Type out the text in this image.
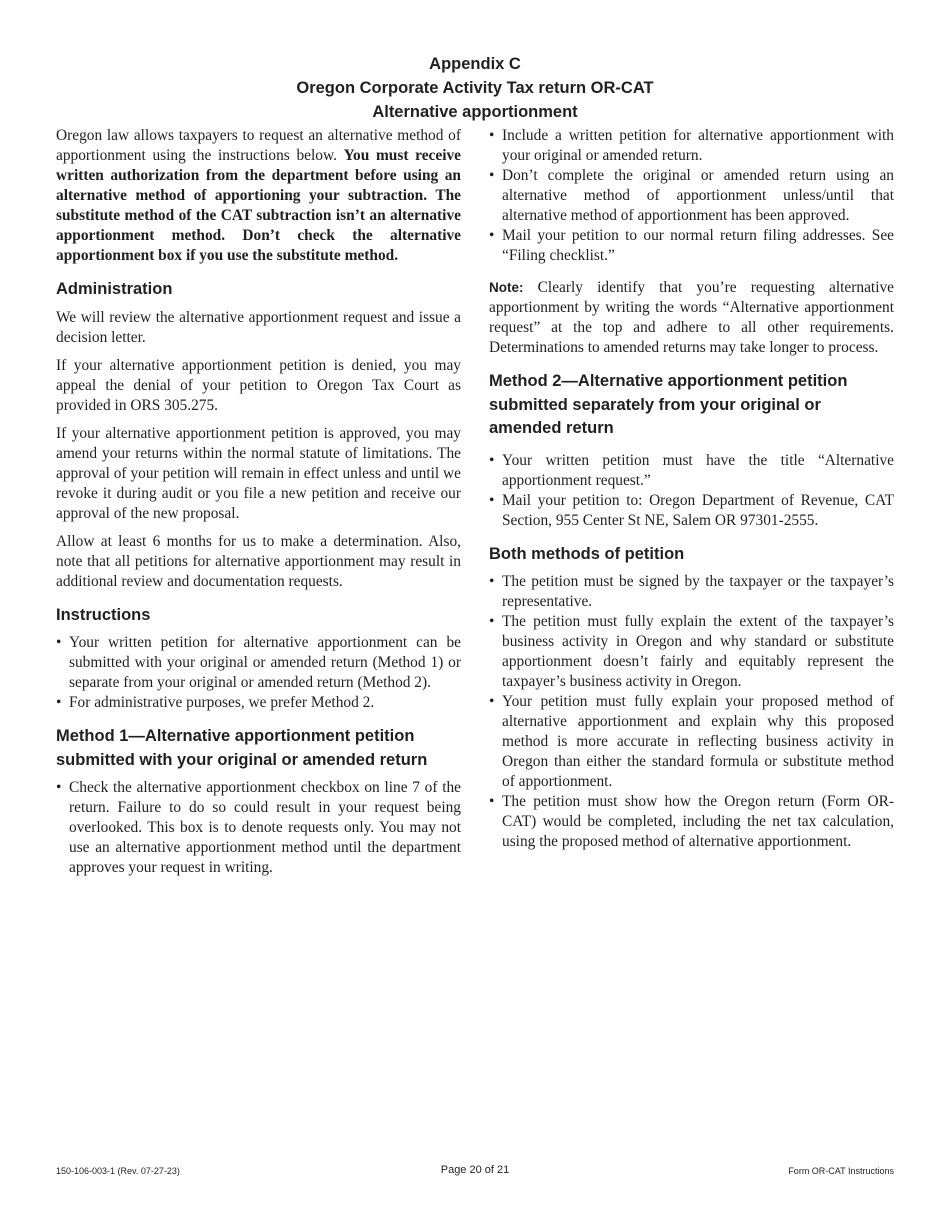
Appendix C
Oregon Corporate Activity Tax return OR-CAT
Alternative apportionment

Oregon law allows taxpayers to request an alternative method of apportionment using the instructions below. You must receive written authorization from the department before using an alternative method of apportioning your subtraction. The substitute method of the CAT subtraction isn’t an alternative apportionment method. Don’t check the alternative apportionment box if you use the substitute method.

Administration

We will review the alternative apportionment request and issue a decision letter.

If your alternative apportionment petition is denied, you may appeal the denial of your petition to Oregon Tax Court as provided in ORS 305.275.

If your alternative apportionment petition is approved, you may amend your returns within the normal statute of limitations. The approval of your petition will remain in effect unless and until we revoke it during audit or you file a new petition and receive our approval of the new proposal.

Allow at least 6 months for us to make a determination. Also, note that all petitions for alternative apportionment may result in additional review and documentation requests.

Instructions
• Your written petition for alternative apportionment can be submitted with your original or amended return (Method 1) or separate from your original or amended return (Method 2).
• For administrative purposes, we prefer Method 2.
Method 1—Alternative apportionment petition submitted with your original or amended return
• Check the alternative apportionment checkbox on line 7 of the return. Failure to do so could result in your request being overlooked. This box is to denote requests only. You may not use an alternative apportionment method until the department approves your request in writing.
• Include a written petition for alternative apportionment with your original or amended return.
• Don’t complete the original or amended return using an alternative method of apportionment unless/until that alternative method of apportionment has been approved.
• Mail your petition to our normal return filing addresses. See “Filing checklist.”

Note: Clearly identify that you’re requesting alternative apportionment by writing the words “Alternative apportionment request” at the top and adhere to all other requirements. Determinations to amended returns may take longer to process.

Method 2—Alternative apportionment petition submitted separately from your original or amended return
• Your written petition must have the title “Alternative apportionment request.”
• Mail your petition to: Oregon Department of Revenue, CAT Section, 955 Center St NE, Salem OR 97301-2555.
Both methods of petition
• The petition must be signed by the taxpayer or the taxpayer’s representative.
• The petition must fully explain the extent of the taxpayer’s business activity in Oregon and why standard or substitute apportionment doesn’t fairly and equitably represent the taxpayer’s business activity in Oregon.
• Your petition must fully explain your proposed method of alternative apportionment and explain why this proposed method is more accurate in reflecting business activity in Oregon than either the standard formula or substitute method of apportionment.
• The petition must show how the Oregon return (Form OR-CAT) would be completed, including the net tax calculation, using the proposed method of alternative apportionment.
150-106-003-1 (Rev. 07-27-23)	Page 20 of 21	Form OR-CAT Instructions
